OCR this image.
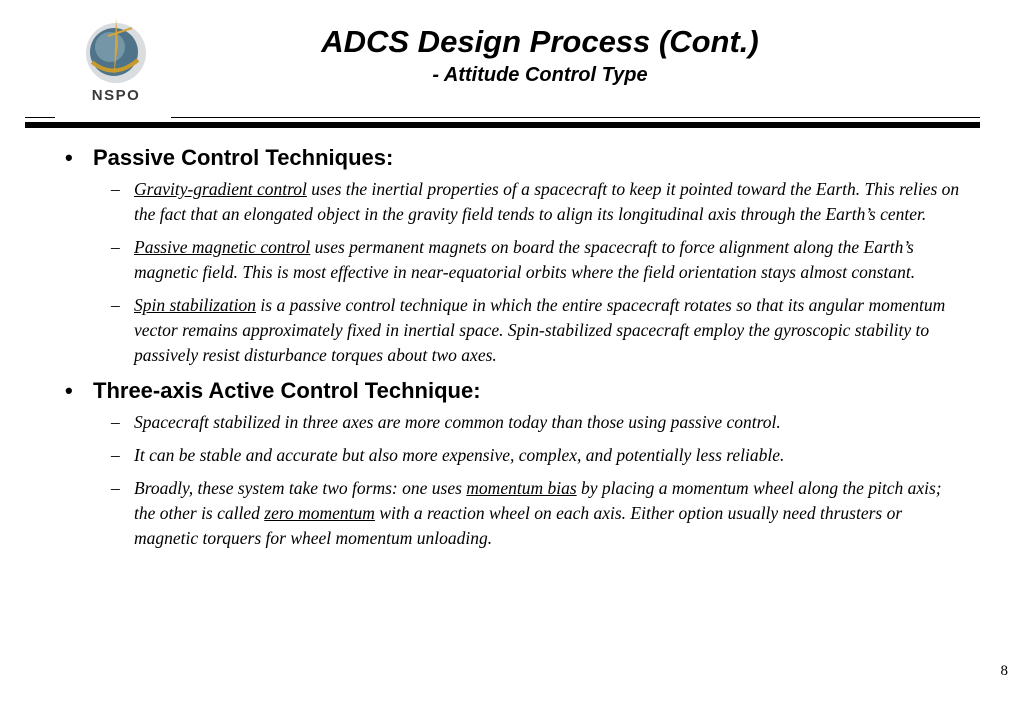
NSPO
ADCS Design Process (Cont.)
- Attitude Control Type

• Passive Control Techniques:

– Gravity-gradient control uses the inertial properties of a spacecraft to keep it pointed toward the Earth. This relies on the fact that an elongated object in the gravity field tends to align its longitudinal axis through the Earth’s center.

– Passive magnetic control uses permanent magnets on board the spacecraft to force alignment along the Earth’s magnetic field. This is most effective in near-equatorial orbits where the field orientation stays almost constant.

– Spin stabilization is a passive control technique in which the entire spacecraft rotates so that its angular momentum vector remains approximately fixed in inertial space. Spin-stabilized spacecraft employ the gyroscopic stability to passively resist disturbance torques about two axes.

• Three-axis Active Control Technique:

– Spacecraft stabilized in three axes are more common today than those using passive control.

– It can be stable and accurate but also more expensive, complex, and potentially less reliable.

– Broadly, these system take two forms: one uses momentum bias by placing a momentum wheel along the pitch axis; the other is called zero momentum with a reaction wheel on each axis. Either option usually need thrusters or magnetic torquers for wheel momentum unloading.

8
